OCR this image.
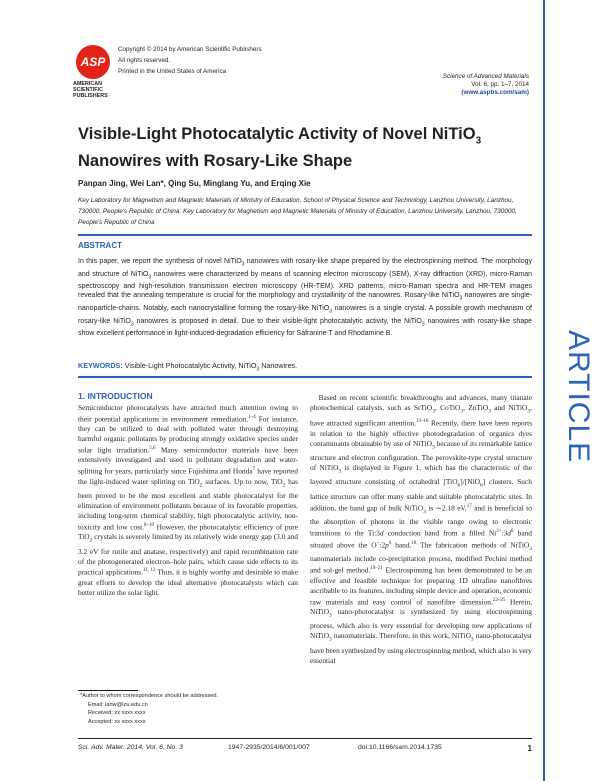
ASP
AMERICAN
SCIENTIFIC
PUBLISHERS
Copyright © 2014 by American Scientific Publishers
All rights reserved.
Printed in the United States of America
Science of Advanced Materials
Vol. 6, pp. 1–7, 2014
(www.aspbs.com/sam)
ARTICLE
Visible-Light Photocatalytic Activity of Novel NiTiO$_3$
Nanowires with Rosary-Like Shape
Panpan Jing, Wei Lan*, Qing Su, Minglang Yu, and Erqing Xie
Key Laboratory for Magnetism and Magnetic Materials of Ministry of Education, School of Physical Science and Technology, Lanzhou University, Lanzhou, 730000, People's Republic of China; Key Laboratory for Magnetism and Magnetic Materials of Ministry of Education, Lanzhou University, Lanzhou, 730000, People's Republic of China
ABSTRACT
In this paper, we report the synthesis of novel NiTiO$_3$ nanowires with rosary-like shape prepared by the electrospinning method. The morphology and structure of NiTiO$_3$ nanowires were characterized by means of scanning electron microscopy (SEM), X-ray diffraction (XRD), micro-Raman spectroscopy and high-resolution transmission electron microscopy (HR-TEM). XRD patterns, micro-Raman spectra and HR-TEM images revealed that the annealing temperature is crucial for the morphology and crystallinity of the nanowires. Rosary-like NiTiO$_3$ nanowires are single-nanoparticle-chains. Notably, each nanocrystalline forming the rosary-like NiTiO$_3$ nanowires is a single crystal. A possible growth mechanism of rosary-like NiTiO$_3$ nanowires is proposed in detail. Due to their visible-light photocatalytic activity, the NiTiO$_3$ nanowires with rosary-like shape show excellent performance in light-induced-degradation efficiency for Safranine T and Rhodamine B.
KEYWORDS: Visible-Light Photocatalytic Activity, NiTiO$_3$ Nanowires.
1. INTRODUCTION
Semiconductor photocatalysts have attracted much attention owing to their potential applications in environment remediation.$^{1-4}$ For instance, they can be utilized to deal with polluted water through destroying harmful organic pollutants by producing strongly oxidative species under solar light irradiation.$^{5,6}$ Many semiconductor materials have been extensively investigated and used in pollutant degradation and water-splitting for years, particularly since Fujishima and Honda$^7$ have reported the light-induced water splitting on TiO$_2$ surfaces. Up to now, TiO$_2$ has been proved to be the most excellent and stable photocatalyst for the elimination of environment pollutants because of its favorable properties, including long-term chemical stability, high photocatalytic activity, non-toxicity and low cost.$^{8-10}$ However, the photocatalytic efficiency of pure TiO$_2$ crystals is severely limited by its relatively wide energy gap (3.0 and 3.2 eV for rutile and anatase, respectively) and rapid recombination rate of the photogenerated electron–hole pairs, which cause side effects to its practical applications.$^{11, 12}$ Thus, it is highly worthy and desirable to make great efforts to develop the ideal alternative photocatalysts which can better utilize the solar light.
Based on recent scientific breakthroughs and advances, many titanate photochemical catalysts, such as SrTiO$_3$, CoTiO$_3$, ZnTiO$_3$ and NiTiO$_3$, have attracted significant attention.$^{13-16}$ Recently, there have been reports in relation to the highly effective photodegradation of organics dyes contaminants obtainable by use of NiTiO$_3$ because of its remarkable lattice structure and electron configuration. The perovskite-type crystal structure of NiTiO$_3$ is displayed in Figure 1, which has the characteristic of the layered structure consisting of octahedral [TiO$_6$]/[NiO$_6$] clusters. Such lattice structure can offer many stable and suitable photocatalytic sites. In addition, the band gap of bulk NiTiO$_3$ is ∼2.18 eV,$^{17}$ and is beneficial to the absorption of photons in the visible range owing to electronic transitions to the Ti:3d conduction band from a filled $Ni^{2+}:3d^8$ band situated above the $O^-:2p^6$ band.$^{18}$ The fabrication methods of NiTiO$_3$ nanomaterials include co-precipitation process, modified Pechini method and sol-gel method.$^{19-21}$ Electrospinning has been demonstrated to be an effective and feasible technique for preparing 1D ultrafine nanofibres ascribable to its features, including simple device and operation, economic raw materials and easy control of nanofibre dimension.$^{22-25}$ Herein, NiTiO$_3$ nano-photocatalyst is synthesized by using electrospinning process, which also is very essential for developing new applications of NiTiO$_3$ nanomaterials. Therefore, in this work, NiTiO$_3$ nano-photocatalyst have been synthesized by using electrospinning method, which also is very essential
*Author to whom correspondence should be addressed.
Email: lanw@lzu.edu.cn
Received: xx xxxx xxxx
Accepted: xx xxxx xxxx
Sci. Adv. Mater. 2014, Vol. 6, No. 3	1947-2935/2014/6/001/007	doi:10.1166/sam.2014.1735	1
